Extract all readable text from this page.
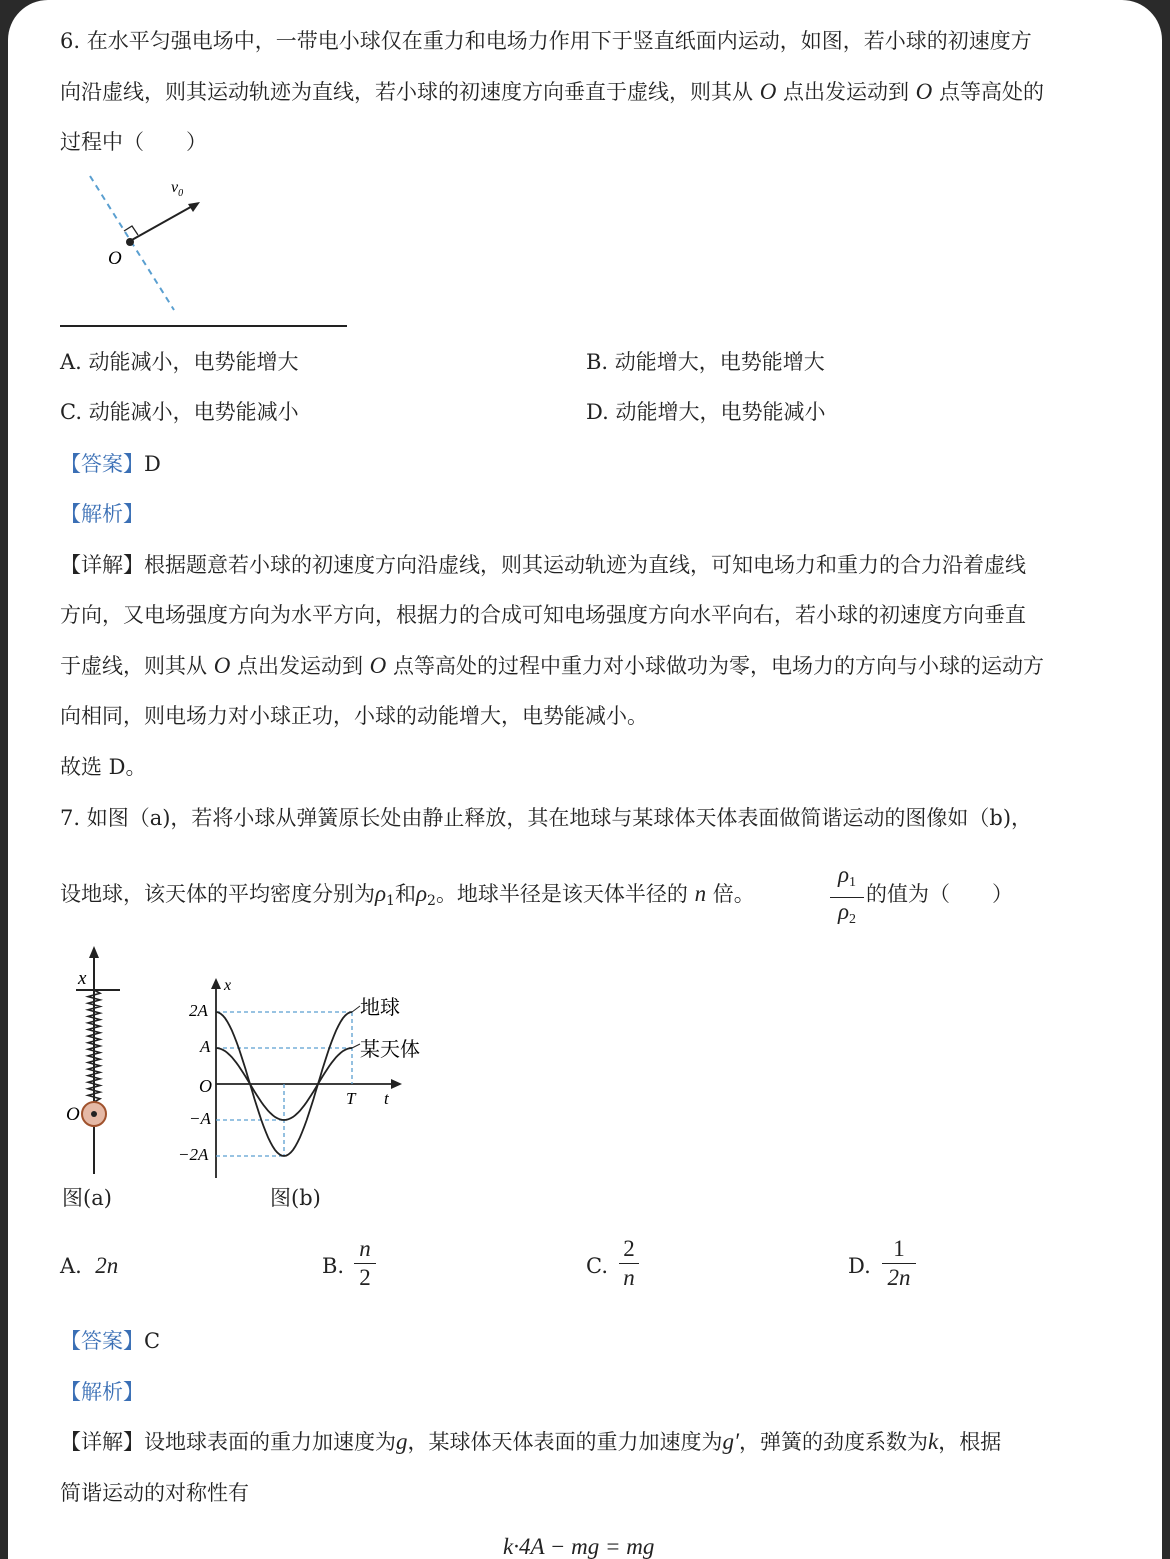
6. 在水平匀强电场中，一带电小球仅在重力和电场力作用下于竖直纸面内运动，如图，若小球的初速度方
向沿虚线，则其运动轨迹为直线，若小球的初速度方向垂直于虚线，则其从 O 点出发运动到 O 点等高处的
过程中（　　）
$v_0$
O
A. 动能减小，电势能增大	B. 动能增大，电势能增大
C. 动能减小，电势能减小	D. 动能增大，电势能减小
【答案】D
【解析】
【详解】根据题意若小球的初速度方向沿虚线，则其运动轨迹为直线，可知电场力和重力的合力沿着虚线
方向，又电场强度方向为水平方向，根据力的合成可知电场强度方向水平向右，若小球的初速度方向垂直
于虚线，则其从 O 点出发运动到 O 点等高处的过程中重力对小球做功为零，电场力的方向与小球的运动方
向相同，则电场力对小球正功，小球的动能增大，电势能减小。
故选 D。
7. 如图（a)，若将小球从弹簧原长处由静止释放，其在地球与某球体天体表面做简谐运动的图像如（b)，
设地球，该天体的平均密度分别为$\rho_1$和$\rho_2$。地球半径是该天体半径的 n 倍。
$\rho_1$
$\rho_2$
的值为（　　）
x
O
图(a)
x
O
2A
A
−A
−2A
T t
地球
某天体
图(b)
A. 2n	B.
n
2	C.
2
n	D.
1
2n
【答案】C
【解析】
【详解】设地球表面的重力加速度为g，某球体天体表面的重力加速度为g′，弹簧的劲度系数为k，根据
简谐运动的对称性有
k·4A − mg = mg
